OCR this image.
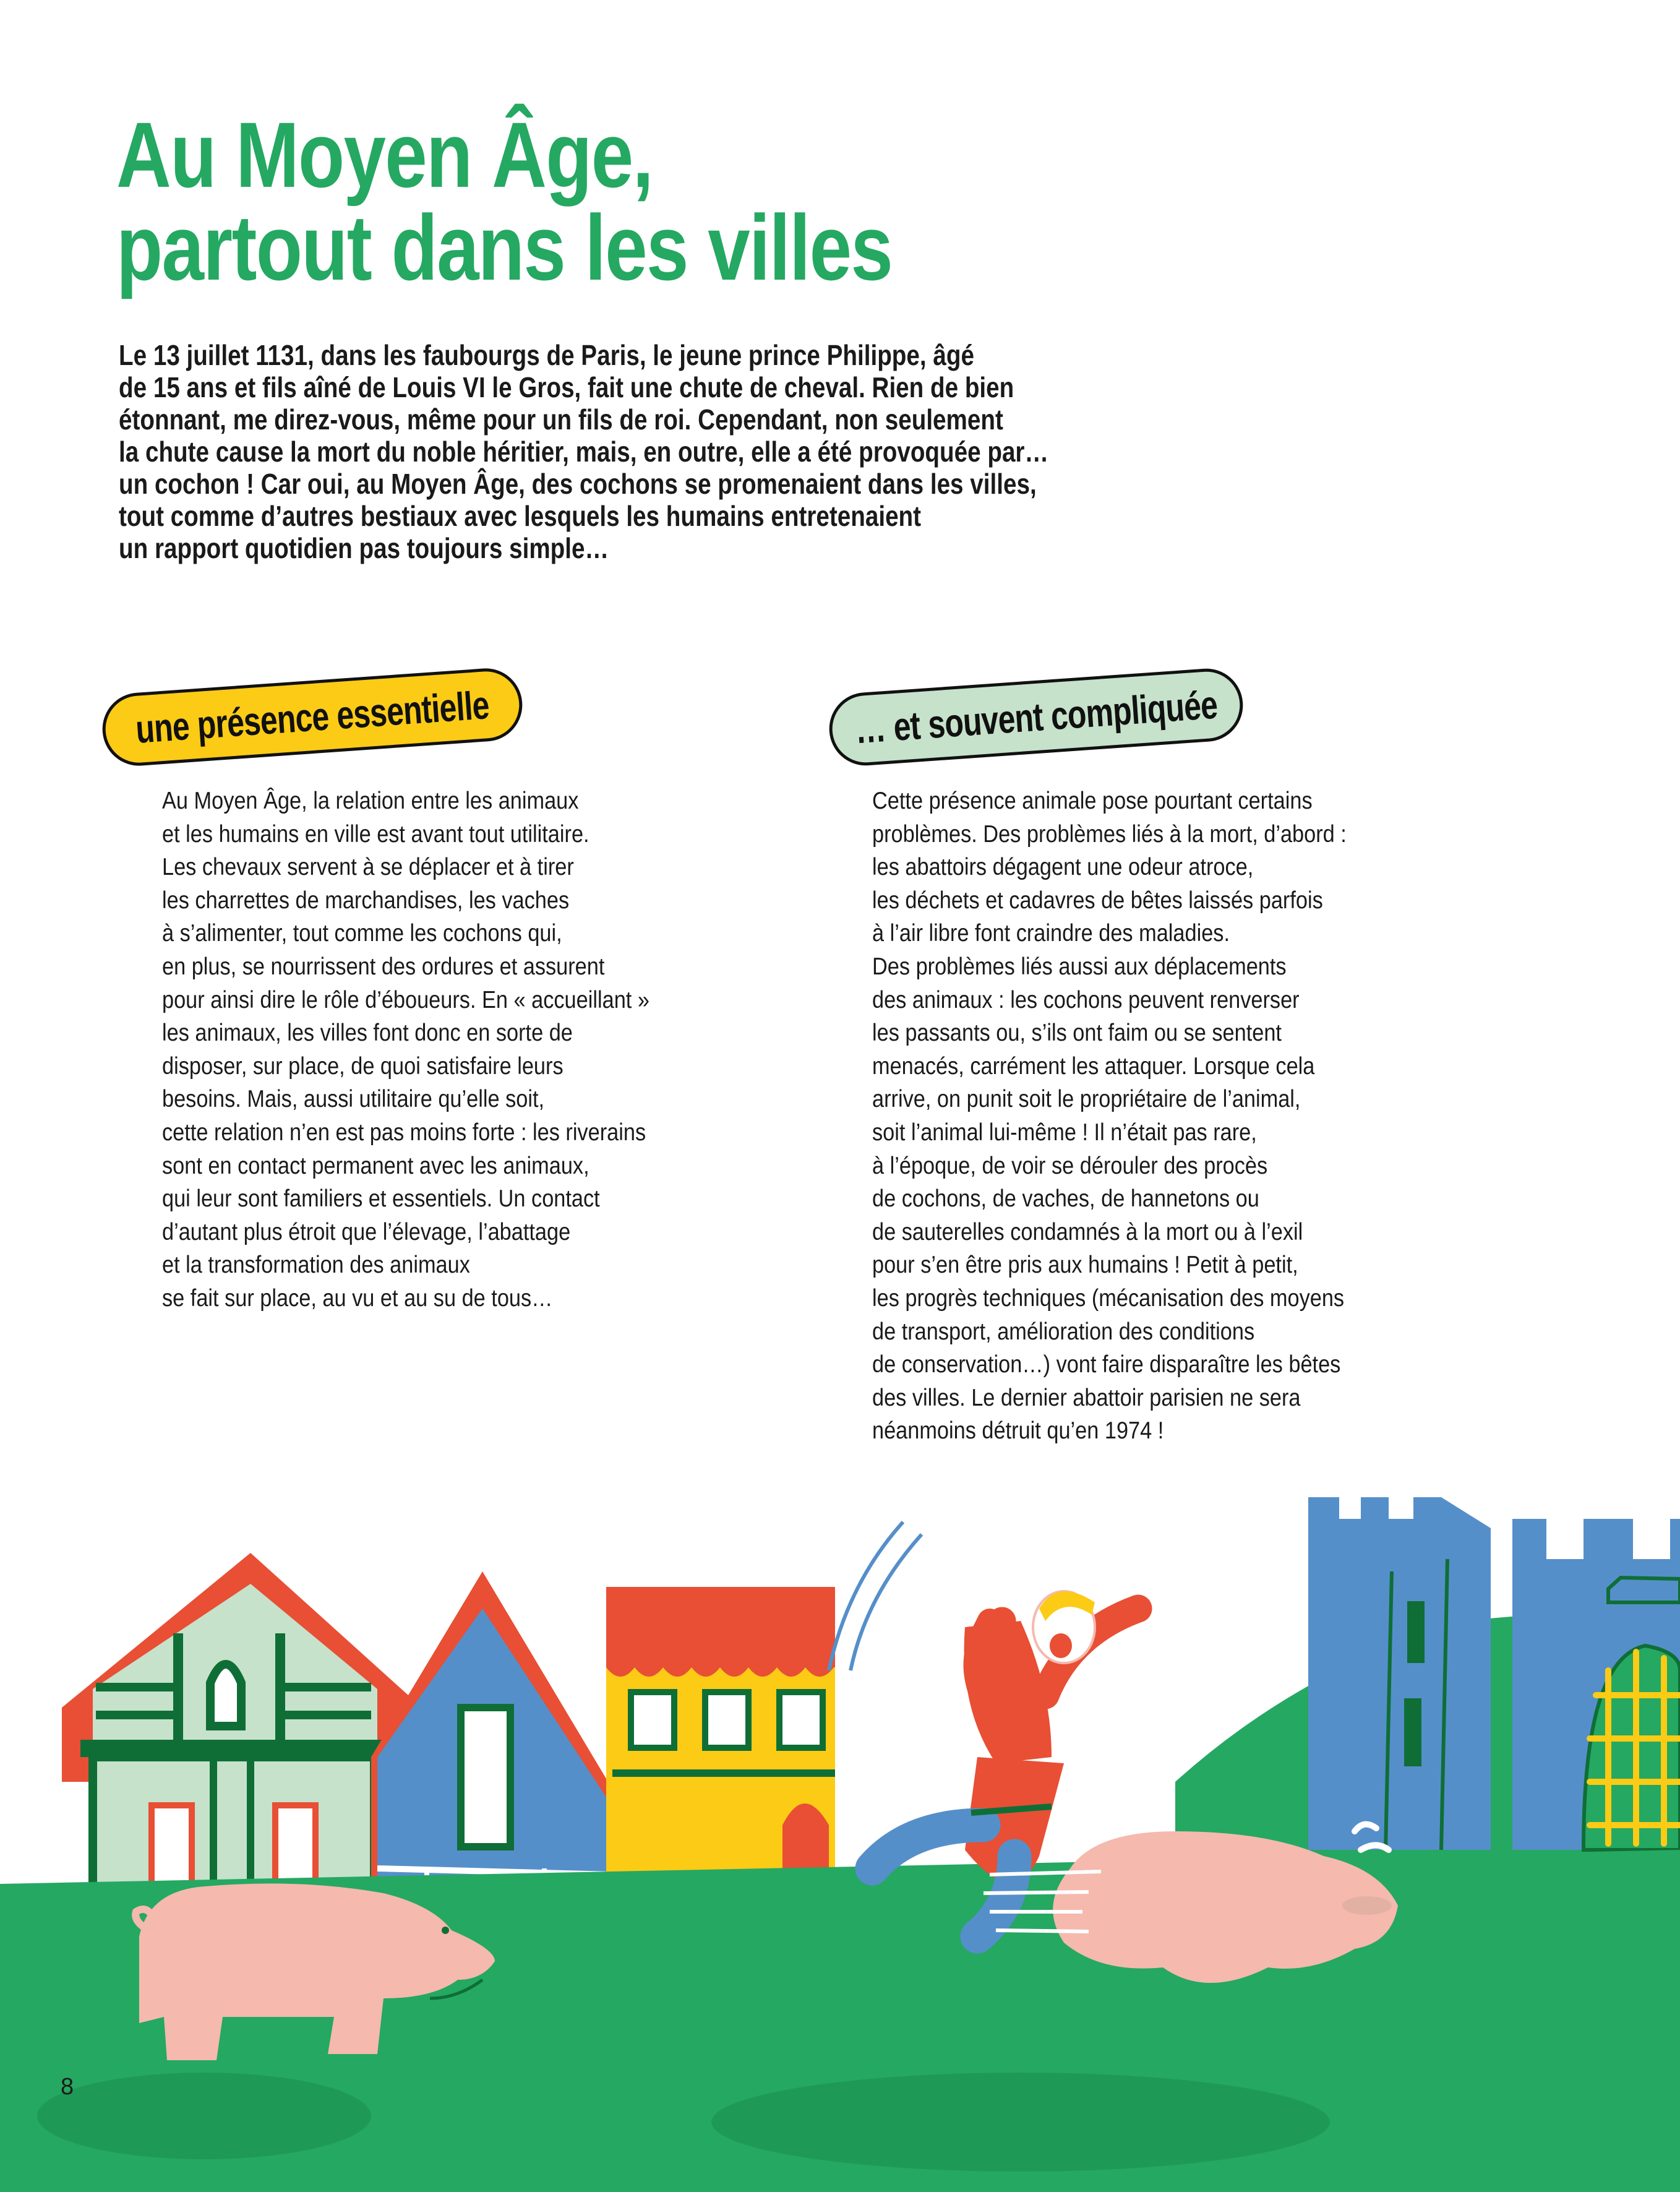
Au Moyen Âge,
partout dans les villes

Le 13 juillet 1131, dans les faubourgs de Paris, le jeune prince Philippe, âgé
de 15 ans et fils aîné de Louis VI le Gros, fait une chute de cheval. Rien de bien
étonnant, me direz-vous, même pour un fils de roi. Cependant, non seulement
la chute cause la mort du noble héritier, mais, en outre, elle a été provoquée par…
un cochon ! Car oui, au Moyen Âge, des cochons se promenaient dans les villes,
tout comme d’autres bestiaux avec lesquels les humains entretenaient
un rapport quotidien pas toujours simple…

une présence essentielle	… et souvent compliquée
Au Moyen Âge, la relation entre les animaux
et les humains en ville est avant tout utilitaire.
Les chevaux servent à se déplacer et à tirer
les charrettes de marchandises, les vaches
à s’alimenter, tout comme les cochons qui,
en plus, se nourrissent des ordures et assurent
pour ainsi dire le rôle d’éboueurs. En « accueillant »
les animaux, les villes font donc en sorte de
disposer, sur place, de quoi satisfaire leurs
besoins. Mais, aussi utilitaire qu’elle soit,
cette relation n’en est pas moins forte : les riverains
sont en contact permanent avec les animaux,
qui leur sont familiers et essentiels. Un contact
d’autant plus étroit que l’élevage, l’abattage
et la transformation des animaux
se fait sur place, au vu et au su de tous…
Cette présence animale pose pourtant certains
problèmes. Des problèmes liés à la mort, d’abord :
les abattoirs dégagent une odeur atroce,
les déchets et cadavres de bêtes laissés parfois
à l’air libre font craindre des maladies.
Des problèmes liés aussi aux déplacements
des animaux : les cochons peuvent renverser
les passants ou, s’ils ont faim ou se sentent
menacés, carrément les attaquer. Lorsque cela
arrive, on punit soit le propriétaire de l’animal,
soit l’animal lui-même ! Il n’était pas rare,
à l’époque, de voir se dérouler des procès
de cochons, de vaches, de hannetons ou
de sauterelles condamnés à la mort ou à l’exil
pour s’en être pris aux humains ! Petit à petit,
les progrès techniques (mécanisation des moyens
de transport, amélioration des conditions
de conservation…) vont faire disparaître les bêtes
des villes. Le dernier abattoir parisien ne sera
néanmoins détruit qu’en 1974 !
8
